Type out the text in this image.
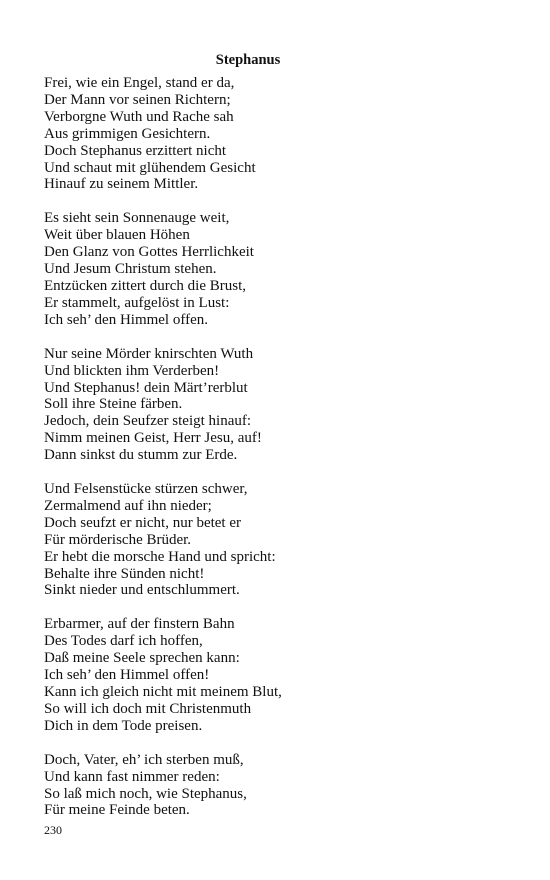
Stephanus
Frei, wie ein Engel, stand er da,
Der Mann vor seinen Richtern;
Verborgne Wuth und Rache sah
Aus grimmigen Gesichtern.
Doch Stephanus erzittert nicht
Und schaut mit glühendem Gesicht
Hinauf zu seinem Mittler.
Es sieht sein Sonnenauge weit,
Weit über blauen Höhen
Den Glanz von Gottes Herrlichkeit
Und Jesum Christum stehen.
Entzücken zittert durch die Brust,
Er stammelt, aufgelöst in Lust:
Ich seh’ den Himmel offen.
Nur seine Mörder knirschten Wuth
Und blickten ihm Verderben!
Und Stephanus! dein Märt’rerblut
Soll ihre Steine färben.
Jedoch, dein Seufzer steigt hinauf:
Nimm meinen Geist, Herr Jesu, auf!
Dann sinkst du stumm zur Erde.
Und Felsenstücke stürzen schwer,
Zermalmend auf ihn nieder;
Doch seufzt er nicht, nur betet er
Für mörderische Brüder.
Er hebt die morsche Hand und spricht:
Behalte ihre Sünden nicht!
Sinkt nieder und entschlummert.
Erbarmer, auf der finstern Bahn
Des Todes darf ich hoffen,
Daß meine Seele sprechen kann:
Ich seh’ den Himmel offen!
Kann ich gleich nicht mit meinem Blut,
So will ich doch mit Christenmuth
Dich in dem Tode preisen.
Doch, Vater, eh’ ich sterben muß,
Und kann fast nimmer reden:
So laß mich noch, wie Stephanus,
Für meine Feinde beten.
230
